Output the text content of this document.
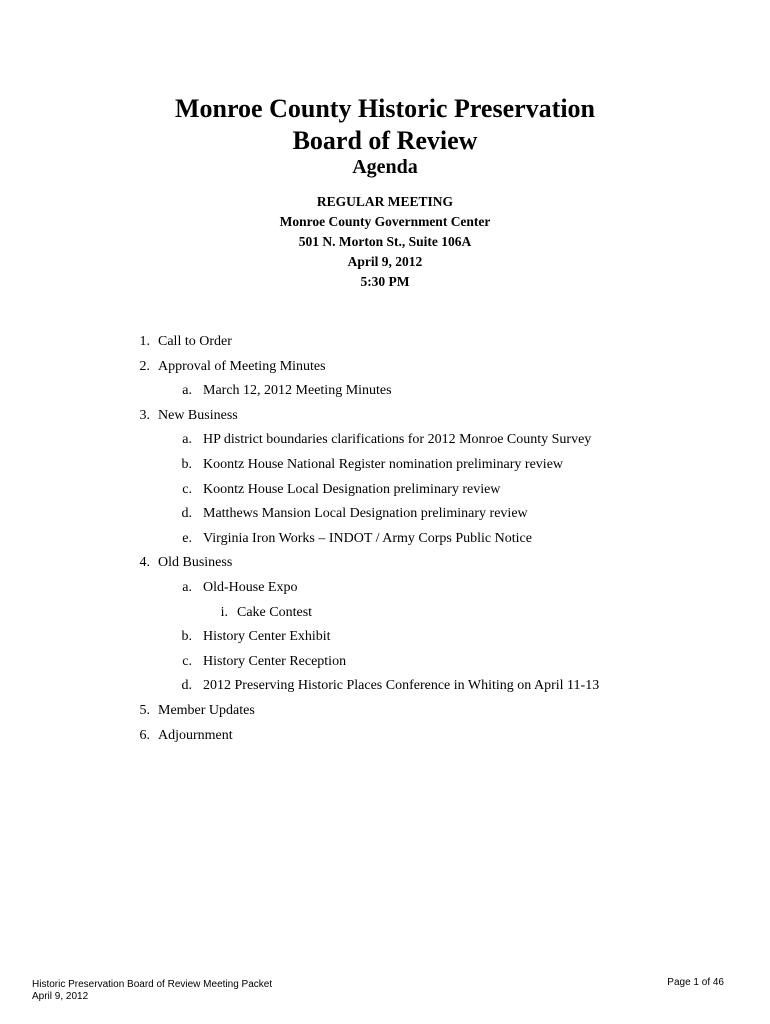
Monroe County Historic Preservation
Board of Review
Agenda
REGULAR MEETING
Monroe County Government Center
501 N. Morton St., Suite 106A
April 9, 2012
5:30 PM
1. Call to Order
2. Approval of Meeting Minutes
a. March 12, 2012 Meeting Minutes
3. New Business
a. HP district boundaries clarifications for 2012 Monroe County Survey
b. Koontz House National Register nomination preliminary review
c. Koontz House Local Designation preliminary review
d. Matthews Mansion Local Designation preliminary review
e. Virginia Iron Works – INDOT / Army Corps Public Notice
4. Old Business
a. Old-House Expo
i. Cake Contest
b. History Center Exhibit
c. History Center Reception
d. 2012 Preserving Historic Places Conference in Whiting on April 11-13
5. Member Updates
6. Adjournment
Historic Preservation Board of Review Meeting Packet
April 9, 2012
Page 1 of 46
